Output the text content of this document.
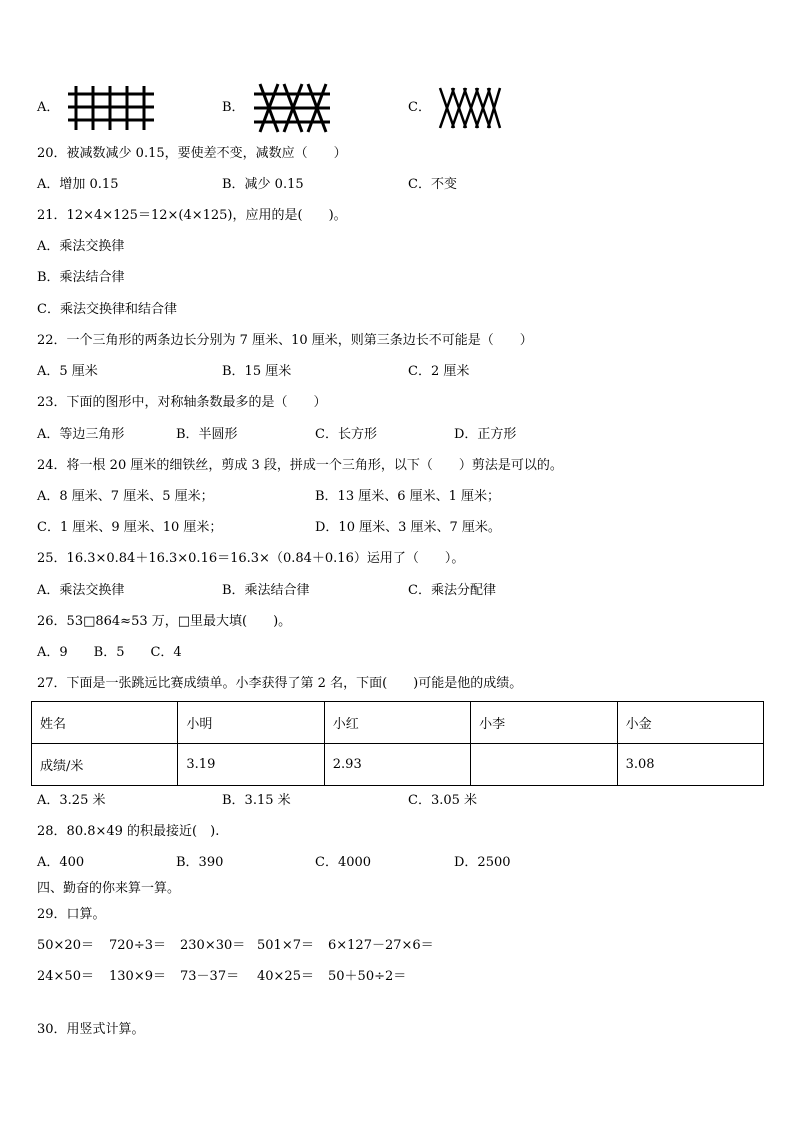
A．	B．	C．
20．被减数减少 0.15，要使差不变，减数应（　　）
A．增加 0.15	B．减少 0.15	C．不变
21．12×4×125＝12×(4×125)，应用的是(　　)。
A．乘法交换律
B．乘法结合律
C．乘法交换律和结合律
22．一个三角形的两条边长分别为 7 厘米、10 厘米，则第三条边长不可能是（　　）
A．5 厘米	B．15 厘米	C．2 厘米
23．下面的图形中，对称轴条数最多的是（　　）
A．等边三角形	B．半圆形	C．长方形	D．正方形
24．将一根 20 厘米的细铁丝，剪成 3 段，拼成一个三角形，以下（　　）剪法是可以的。
A．8 厘米、7 厘米、5 厘米；	B．13 厘米、6 厘米、1 厘米；
C．1 厘米、9 厘米、10 厘米；	D．10 厘米、3 厘米、7 厘米。
25．16.3×0.84＋16.3×0.16＝16.3×（0.84＋0.16）运用了（　　）。
A．乘法交换律	B．乘法结合律	C．乘法分配律
26．53□864≈53 万，□里最大填(　　)。
A．9　　B．5　　C．4
27．下面是一张跳远比赛成绩单。小李获得了第 2 名，下面(　　)可能是他的成绩。
姓名	小明	小红	小李	小金
成绩/米	3.19	2.93		3.08
A．3.25 米	B．3.15 米	C．3.05 米
28．80.8×49 的积最接近(　).
A．400	B．390	C．4000	D．2500
四、勤奋的你来算一算。
29．口算。
50×20＝ 720÷3＝ 230×30＝ 501×7＝ 6×127－27×6＝
24×50＝ 130×9＝ 73－37＝ 40×25＝ 50＋50÷2＝
30．用竖式计算。
